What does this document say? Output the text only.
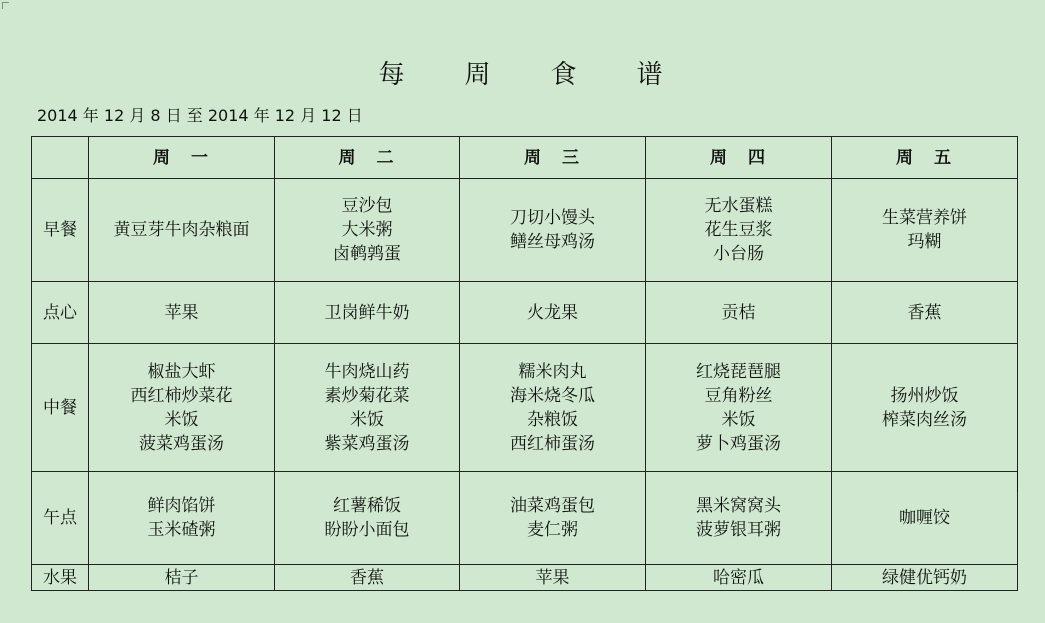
每 周 食 谱
2014 年 12 月 8 日 至 2014 年 12 月 12 日
	周　一	周　二	周　三	周　四	周　五
早餐	黄豆芽牛肉杂粮面	豆沙包
大米粥
卤鹌鹑蛋	刀切小馒头
鳝丝母鸡汤	无水蛋糕
花生豆浆
小台肠	生菜营养饼
玛糊

点心	苹果	卫岗鲜牛奶	火龙果	贡桔	香蕉

中餐	椒盐大虾
西红柿炒菜花
米饭
菠菜鸡蛋汤	牛肉烧山药
素炒菊花菜
米饭
紫菜鸡蛋汤	糯米肉丸
海米烧冬瓜
杂粮饭
西红柿蛋汤	红烧琵琶腿
豆角粉丝
米饭
萝卜鸡蛋汤	扬州炒饭
榨菜肉丝汤

午点	鲜肉馅饼
玉米碴粥	红薯稀饭
盼盼小面包	油菜鸡蛋包
麦仁粥	黑米窝窝头
菠萝银耳粥	咖喱饺

水果	桔子	香蕉	苹果	哈密瓜	绿健优钙奶
